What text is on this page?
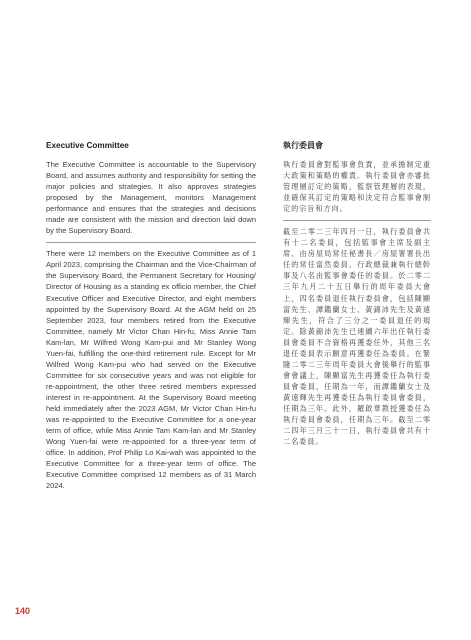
Executive Committee

The Executive Committee is accountable to the Supervisory Board, and assumes authority and responsibility for setting the major policies and strategies. It also approves strategies proposed by the Management, monitors Management performance and ensures that the strategies and decisions made are consistent with the mission and direction laid down by the Supervisory Board.

There were 12 members on the Executive Committee as of 1 April 2023, comprising the Chairman and the Vice-Chairman of the Supervisory Board, the Permanent Secretary for Housing/ Director of Housing as a standing ex officio member, the Chief Executive Officer and Executive Director, and eight members appointed by the Supervisory Board. At the AGM held on 25 September 2023, four members retired from the Executive Committee, namely Mr Victor Chan Hin-fu, Miss Annie Tam Kam-lan, Mr Wilfred Wong Kam-pui and Mr Stanley Wong Yuen-fai, fulfilling the one-third retirement rule. Except for Mr Wilfred Wong Kam-pui who had served on the Executive Committee for six consecutive years and was not eligible for re-appointment, the other three retired members expressed interest in re-appointment. At the Supervisory Board meeting held immediately after the 2023 AGM, Mr Victor Chan Hin-fu was re-appointed to the Executive Committee for a one-year term of office, while Miss Annie Tam Kam-lan and Mr Stanley Wong Yuen-fai were re-appointed for a three-year term of office. In addition, Prof Philip Lo Kai-wah was appointed to the Executive Committee for a three-year term of office. The Executive Committee comprised 12 members as of 31 March 2024.

執行委員會

執行委員會對監事會負責，並承擔制定重大政策和策略的權責。執行委員會亦審批管理層訂定的策略，監察管理層的表現，並確保其訂定的策略和決定符合監事會制定的宗旨和方向。

截至二零二三年四月一日，執行委員會共有十二名委員，包括監事會主席及副主席、由房屋局常任秘書長／房屋署署長出任的常任當然委員、行政總裁兼執行總幹事及八名由監事會委任的委員。於二零二三年九月二十五日舉行的周年委員大會上，四名委員退任執行委員會，包括陳顯富先生、譚鑑蘭女士、黃錦沛先生及黃遠輝先生，符合了三分之一委員退任的規定。除黃錦沛先生已連續六年出任執行委員會委員不合資格再獲委任外，其他三名退任委員表示願意再獲委任為委員。在緊隨二零二三年周年委員大會後舉行的監事會會議上，陳顯富先生再獲委任為執行委員會委員，任期為一年，而譚鑑蘭女士及黃遠輝先生再獲委任為執行委員會委員，任期為三年。此外，羅啟華教授獲委任為執行委員會委員，任期為三年。截至二零二四年三月三十一日，執行委員會共有十二名委員。

140
